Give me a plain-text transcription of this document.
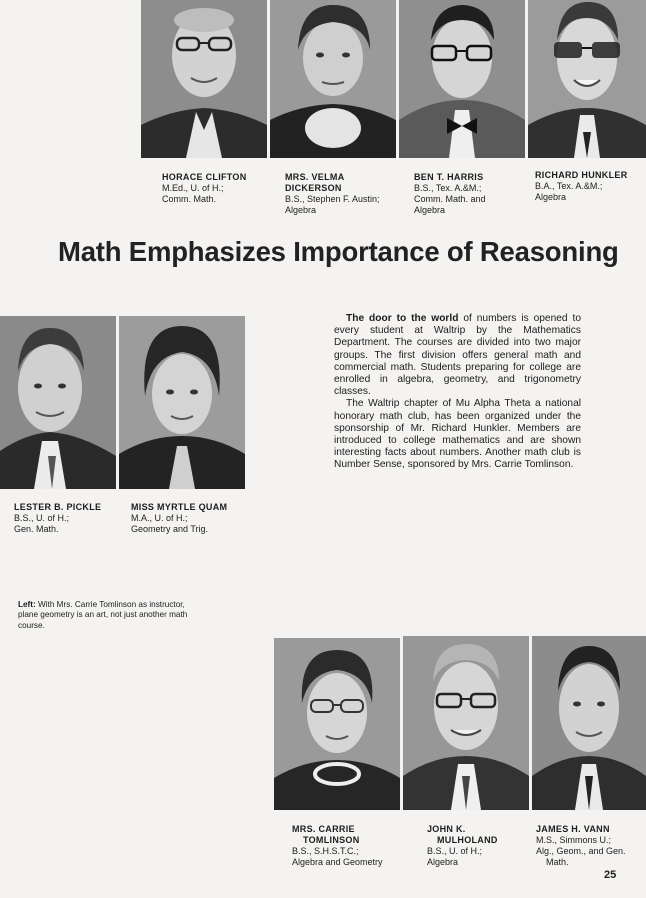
HORACE CLIFTON
M.Ed., U. of H.;
Comm. Math.
MRS. VELMA
DICKERSON
B.S., Stephen F. Austin;
Algebra
BEN T. HARRIS
B.S., Tex. A.&M.;
Comm. Math. and
Algebra
RICHARD HUNKLER
B.A., Tex. A.&M.;
Algebra
Math Emphasizes Importance of Reasoning
LESTER B. PICKLE
B.S., U. of H.;
Gen. Math.
MISS MYRTLE QUAM
M.A., U. of H.;
Geometry and Trig.

The door to the world of numbers is opened to every student at Waltrip by the Mathematics Department. The courses are divided into two major groups. The first division offers general math and commercial math. Students preparing for college are enrolled in algebra, geometry, and trigonometry classes.

The Waltrip chapter of Mu Alpha Theta a national honorary math club, has been organized under the sponsorship of Mr. Richard Hunkler. Members are introduced to college mathematics and are shown interesting facts about numbers. Another math club is Number Sense, sponsored by Mrs. Carrie Tomlinson.

Left: With Mrs. Carrie Tomlinson as instructor, plane geometry is an art, not just another math course.
MRS. CARRIE
TOMLINSON
B.S., S.H.S.T.C.;
Algebra and Geometry
JOHN K.
MULHOLAND
B.S., U. of H.;
Algebra
JAMES H. VANN
M.S., Simmons U.;
Alg., Geom., and Gen.
Math.
25
